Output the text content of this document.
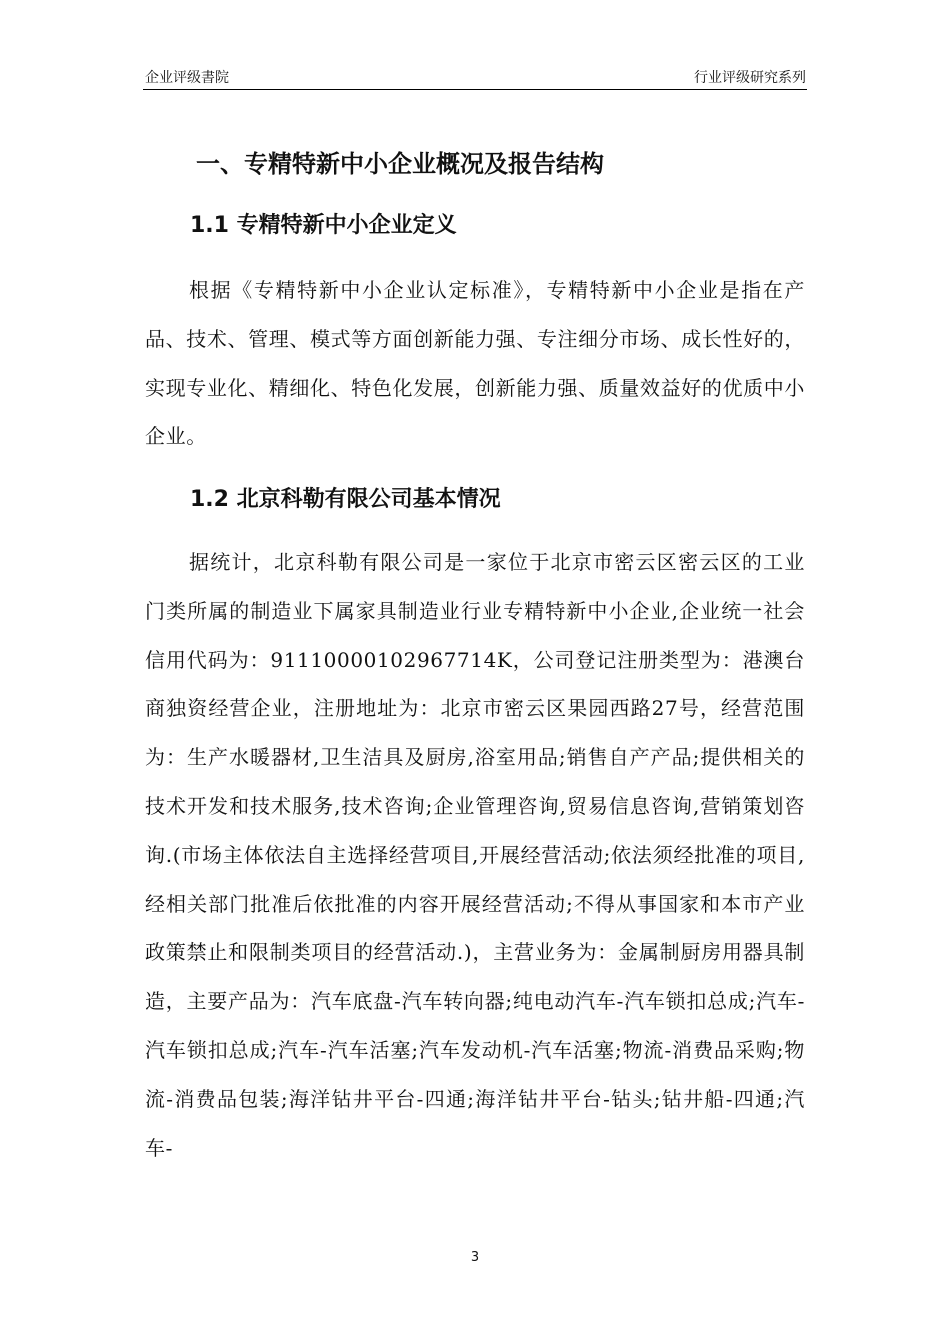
企业评级書院	行业评级研究系列
一、专精特新中小企业概况及报告结构
1.1 专精特新中小企业定义

根据《专精特新中小企业认定标准》，专精特新中小企业是指在产品、技术、管理、模式等方面创新能力强、专注细分市场、成长性好的，实现专业化、精细化、特色化发展，创新能力强、质量效益好的优质中小企业。

1.2 北京科勒有限公司基本情况

据统计，北京科勒有限公司是一家位于北京市密云区密云区的工业门类所属的制造业下属家具制造业行业专精特新中小企业,企业统一社会信用代码为：91110000102967714K，公司登记注册类型为：港澳台商独资经营企业，注册地址为：北京市密云区果园西路27号，经营范围为：生产水暖器材,卫生洁具及厨房,浴室用品;销售自产产品;提供相关的技术开发和技术服务,技术咨询;企业管理咨询,贸易信息咨询,营销策划咨询.(市场主体依法自主选择经营项目,开展经营活动;依法须经批准的项目,经相关部门批准后依批准的内容开展经营活动;不得从事国家和本市产业政策禁止和限制类项目的经营活动.)，主营业务为：金属制厨房用器具制造，主要产品为：汽车底盘-汽车转向器;纯电动汽车-汽车锁扣总成;汽车-汽车锁扣总成;汽车-汽车活塞;汽车发动机-汽车活塞;物流-消费品采购;物流-消费品包装;海洋钻井平台-四通;海洋钻井平台-钻头;钻井船-四通;汽车-

3
